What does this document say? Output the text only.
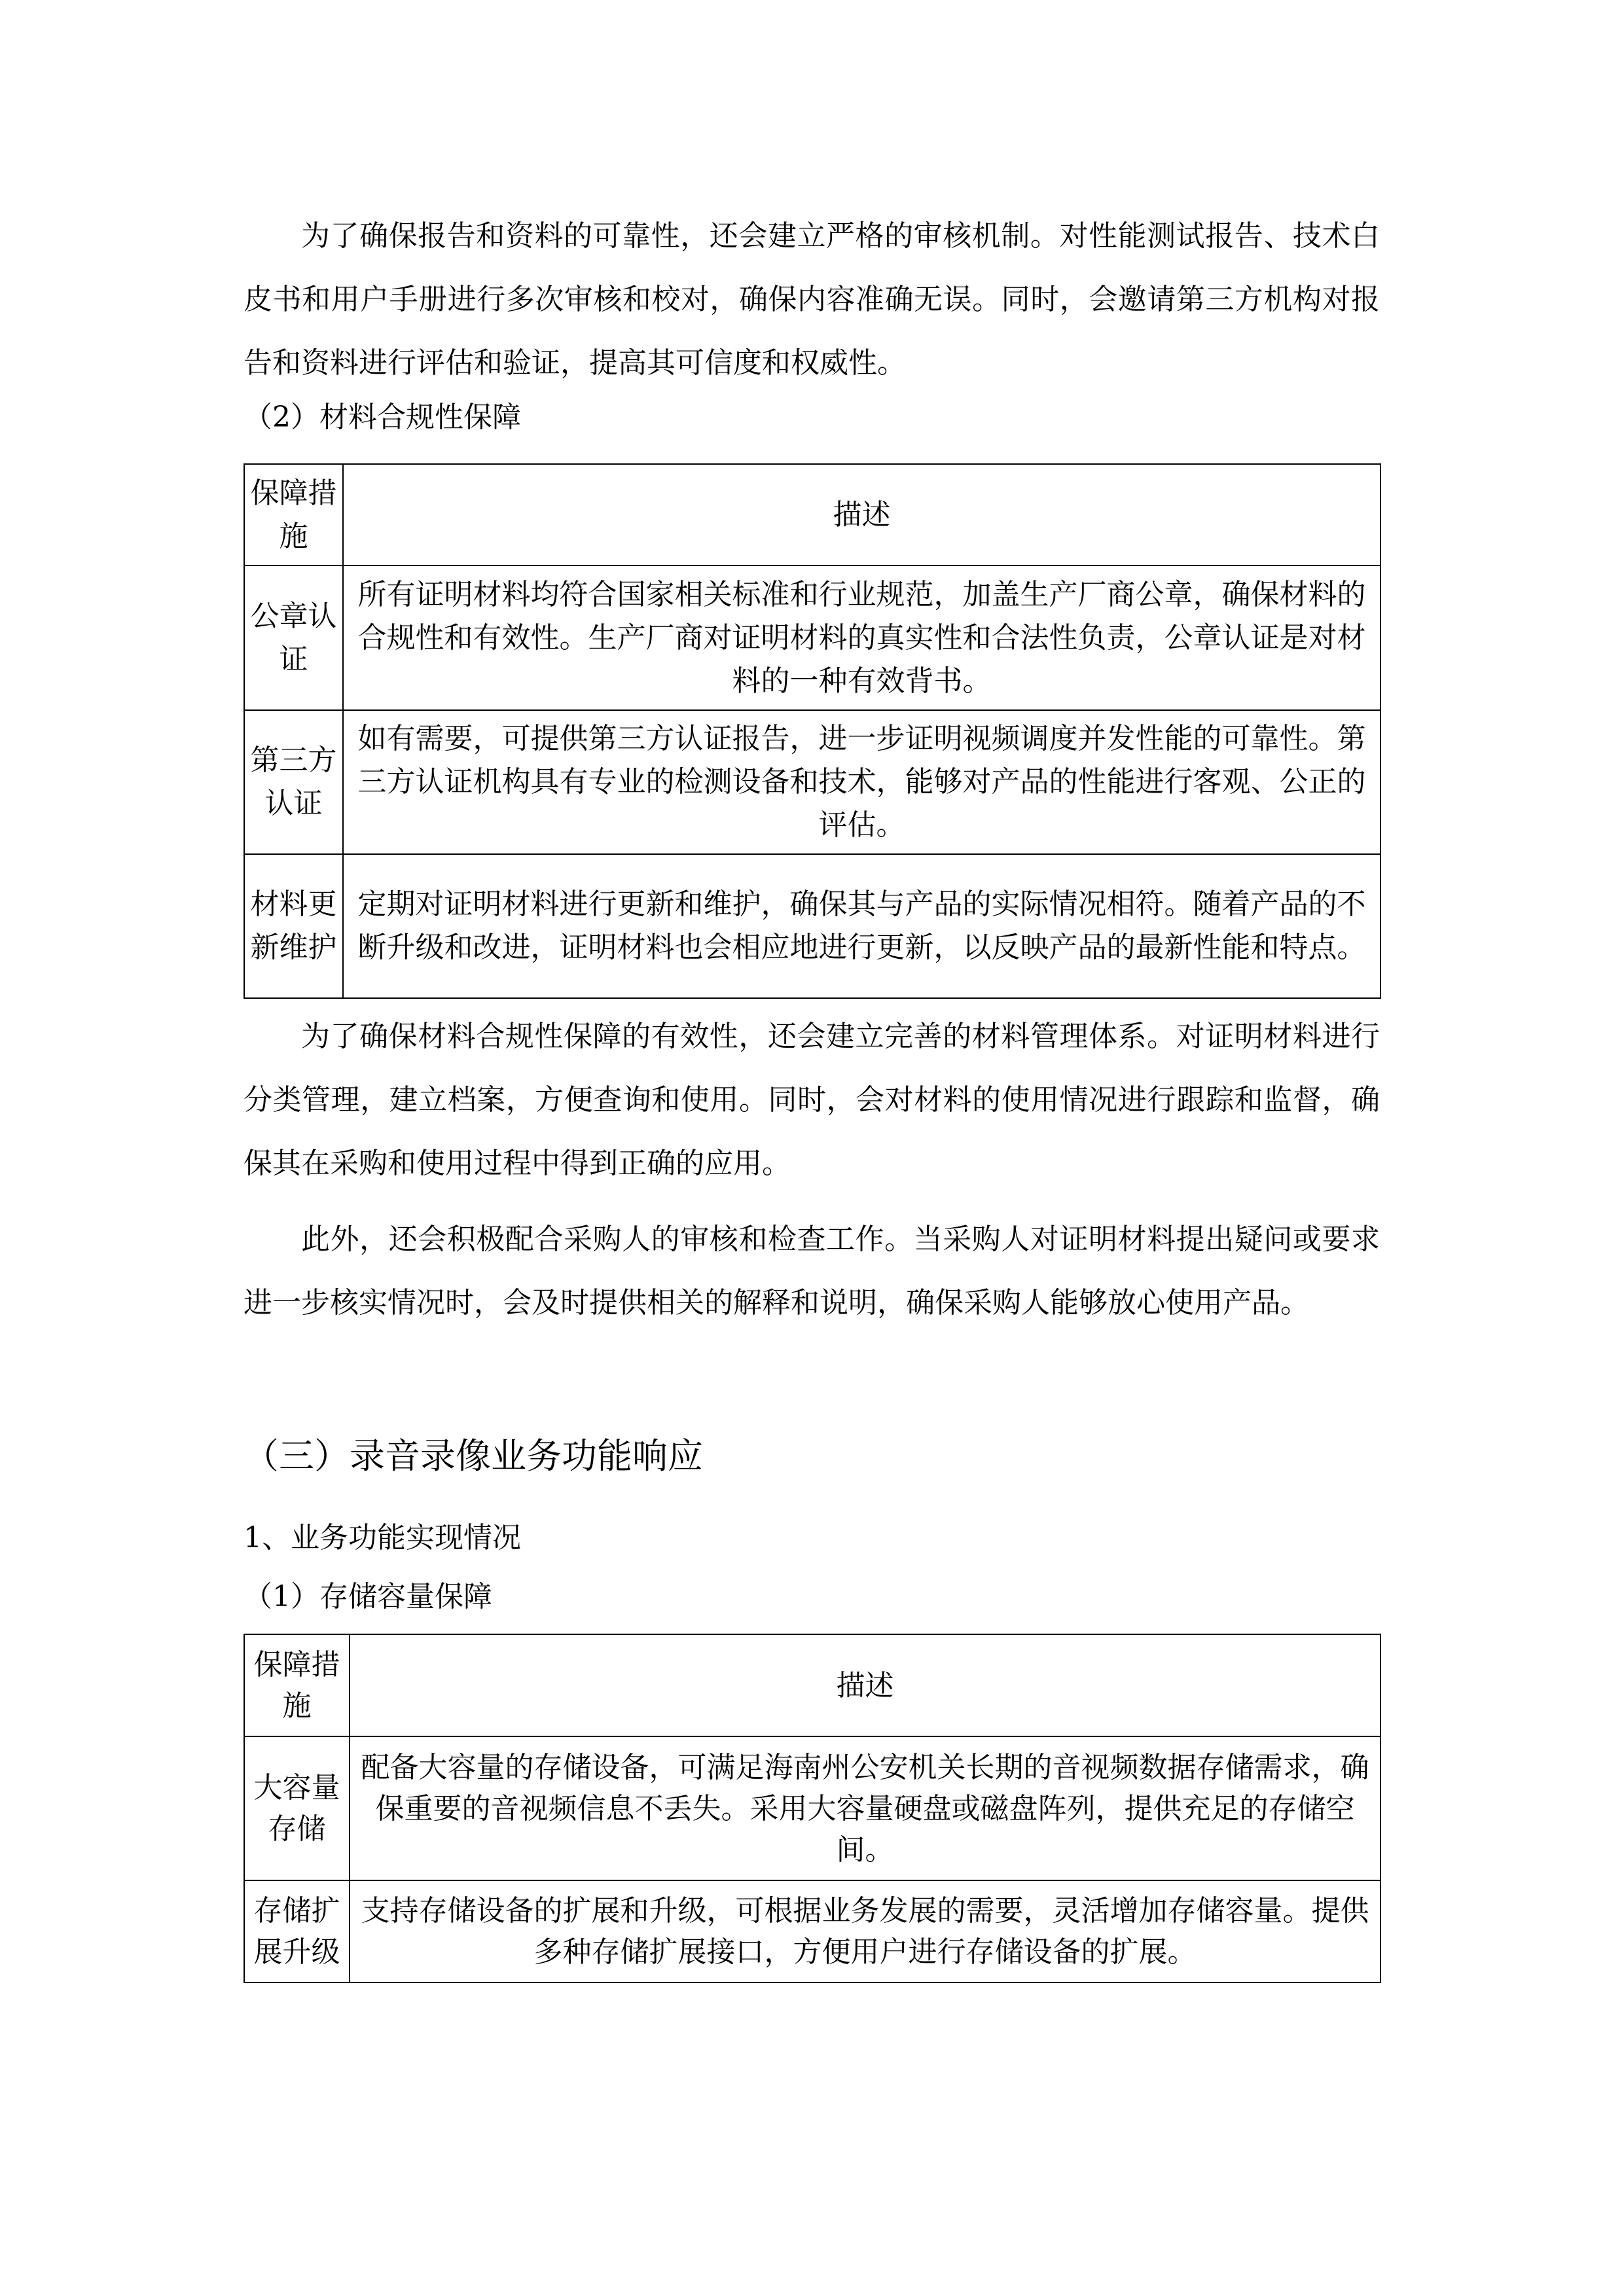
为了确保报告和资料的可靠性，还会建立严格的审核机制。对性能测试报告、技术白皮书和用户手册进行多次审核和校对，确保内容准确无误。同时，会邀请第三方机构对报告和资料进行评估和验证，提高其可信度和权威性。

（2）材料合规性保障
保障措施	描述
公章认证	所有证明材料均符合国家相关标准和行业规范，加盖生产厂商公章，确保材料的合规性和有效性。生产厂商对证明材料的真实性和合法性负责，公章认证是对材料的一种有效背书。
第三方认证	如有需要，可提供第三方认证报告，进一步证明视频调度并发性能的可靠性。第三方认证机构具有专业的检测设备和技术，能够对产品的性能进行客观、公正的评估。
材料更新维护	定期对证明材料进行更新和维护，确保其与产品的实际情况相符。随着产品的不断升级和改进，证明材料也会相应地进行更新，以反映产品的最新性能和特点。

为了确保材料合规性保障的有效性，还会建立完善的材料管理体系。对证明材料进行分类管理，建立档案，方便查询和使用。同时，会对材料的使用情况进行跟踪和监督，确保其在采购和使用过程中得到正确的应用。

此外，还会积极配合采购人的审核和检查工作。当采购人对证明材料提出疑问或要求进一步核实情况时，会及时提供相关的解释和说明，确保采购人能够放心使用产品。

（三）录音录像业务功能响应
1、业务功能实现情况
（1）存储容量保障
保障措施	描述
大容量存储	配备大容量的存储设备，可满足海南州公安机关长期的音视频数据存储需求，确保重要的音视频信息不丢失。采用大容量硬盘或磁盘阵列，提供充足的存储空间。
存储扩展升级	支持存储设备的扩展和升级，可根据业务发展的需要，灵活增加存储容量。提供多种存储扩展接口，方便用户进行存储设备的扩展。
